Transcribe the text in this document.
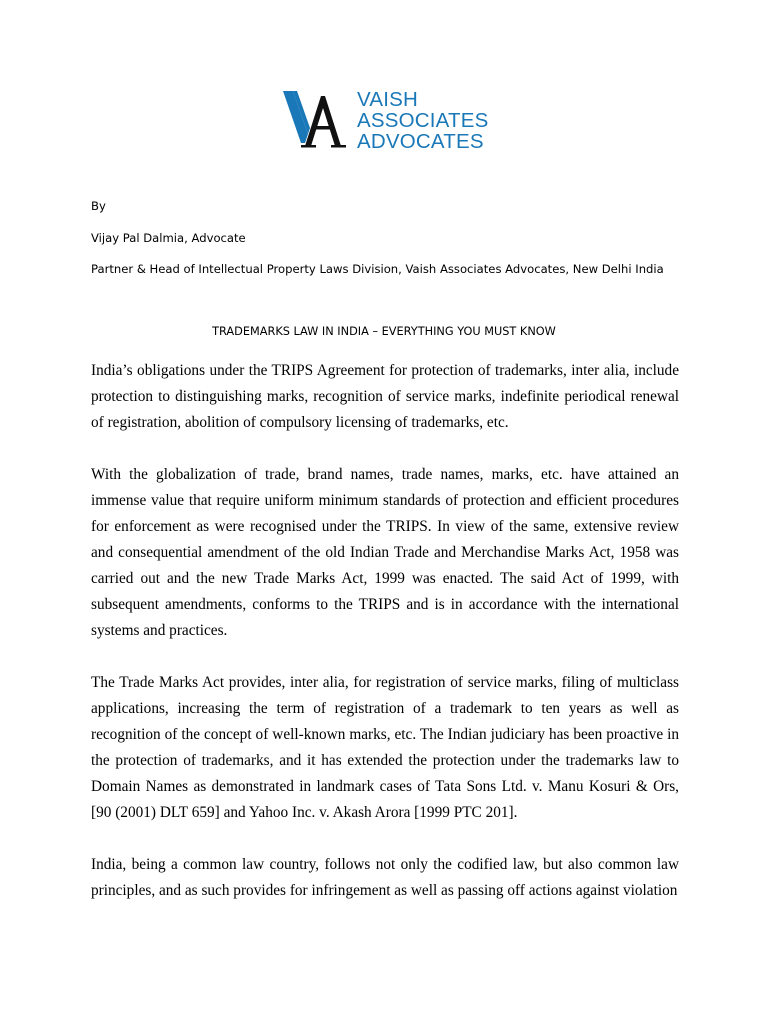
VAISH
ASSOCIATES
ADVOCATES
By
Vijay Pal Dalmia, Advocate
Partner & Head of Intellectual Property Laws Division, Vaish Associates Advocates, New Delhi India
TRADEMARKS LAW IN INDIA – EVERYTHING YOU MUST KNOW

India’s obligations under the TRIPS Agreement for protection of trademarks, inter alia, include protection to distinguishing marks, recognition of service marks, indefinite periodical renewal of registration, abolition of compulsory licensing of trademarks, etc.

With the globalization of trade, brand names, trade names, marks, etc. have attained an immense value that require uniform minimum standards of protection and efficient procedures for enforcement as were recognised under the TRIPS. In view of the same, extensive review and consequential amendment of the old Indian Trade and Merchandise Marks Act, 1958 was carried out and the new Trade Marks Act, 1999 was enacted. The said Act of 1999, with subsequent amendments, conforms to the TRIPS and is in accordance with the international systems and practices.

The Trade Marks Act provides, inter alia, for registration of service marks, filing of multiclass applications, increasing the term of registration of a trademark to ten years as well as recognition of the concept of well-known marks, etc. The Indian judiciary has been proactive in the protection of trademarks, and it has extended the protection under the trademarks law to Domain Names as demonstrated in landmark cases of Tata Sons Ltd. v. Manu Kosuri & Ors, [90 (2001) DLT 659] and Yahoo Inc. v. Akash Arora [1999 PTC 201].

India, being a common law country, follows not only the codified law, but also common law principles, and as such provides for infringement as well as passing off actions against violation
